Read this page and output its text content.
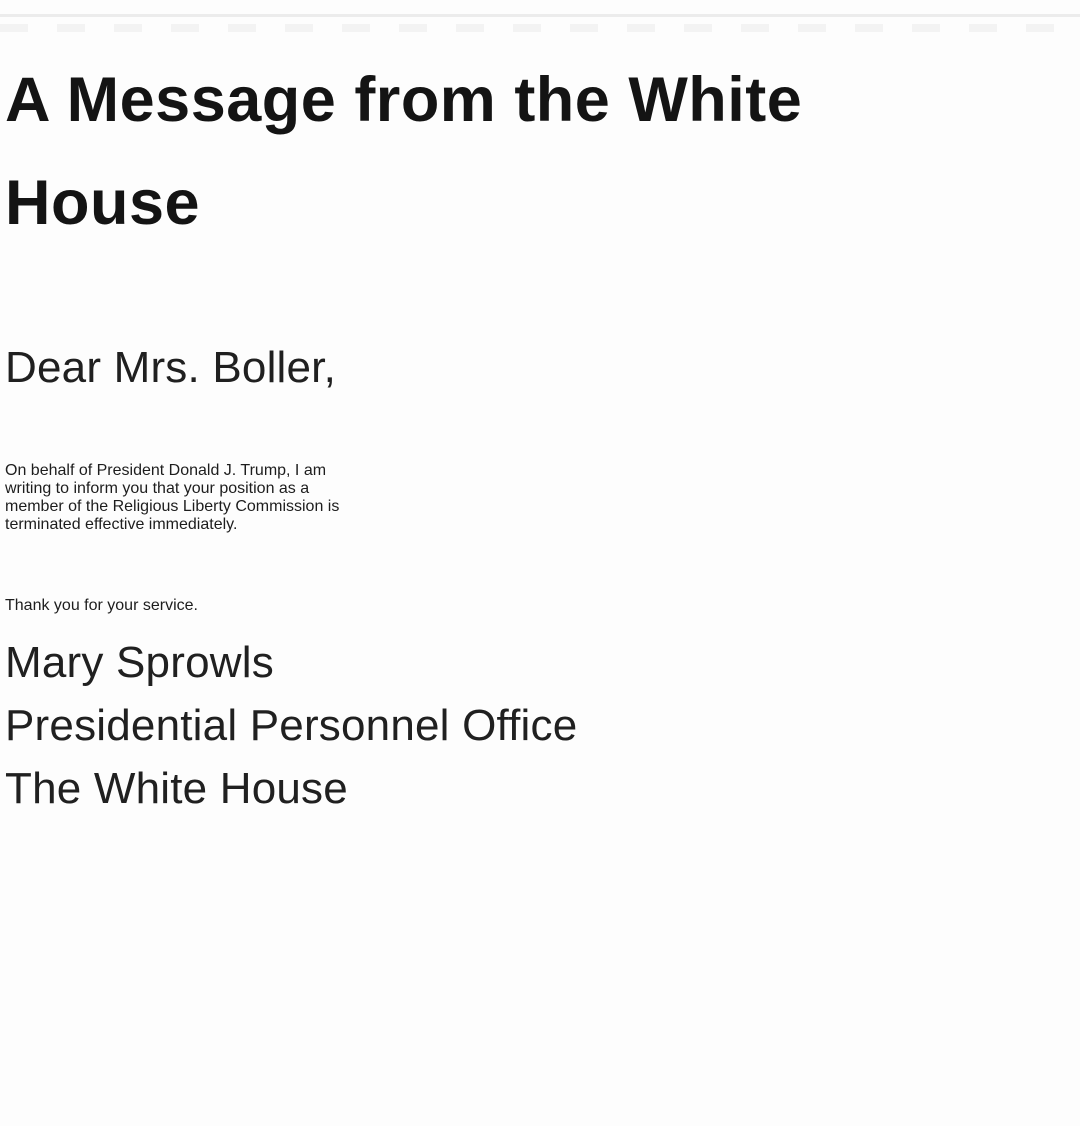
A Message from the White
House

Dear Mrs. Boller,

On behalf of President Donald J. Trump, I am
writing to inform you that your position as a
member of the Religious Liberty Commission is
terminated effective immediately.

Thank you for your service.

Mary Sprowls
Presidential Personnel Office
The White House
